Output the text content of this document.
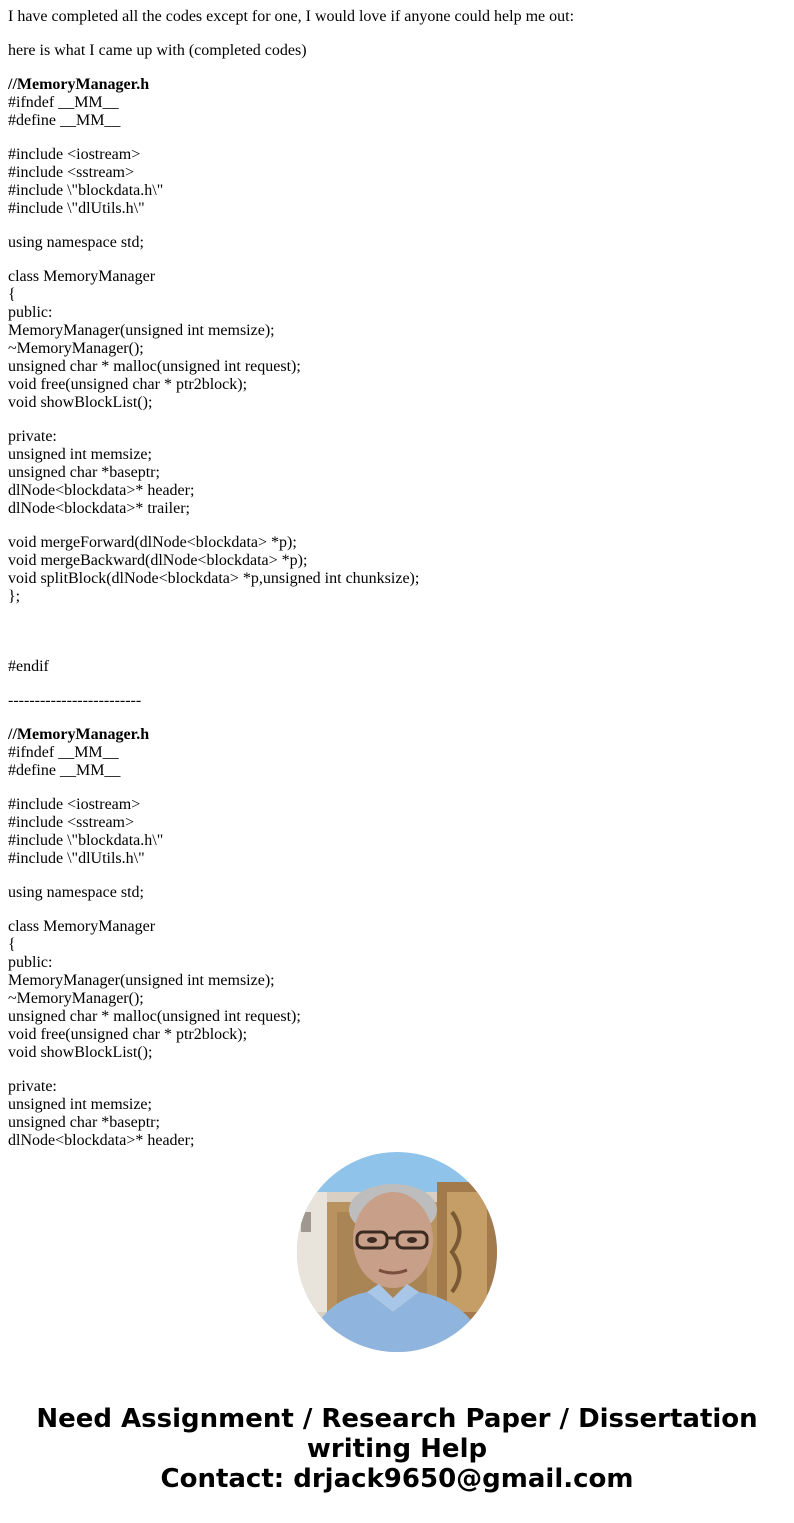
I have completed all the codes except for one, I would love if anyone could help me out:

here is what I came up with (completed codes)

//MemoryManager.h
#ifndef __MM__
#define __MM__
#include <iostream>
#include <sstream>
#include \"blockdata.h\"
#include \"dlUtils.h\"
using namespace std;
class MemoryManager
{
public:
MemoryManager(unsigned int memsize);
~MemoryManager();
unsigned char * malloc(unsigned int request);
void free(unsigned char * ptr2block);
void showBlockList();
private:
unsigned int memsize;
unsigned char *baseptr;
dlNode<blockdata>* header;
dlNode<blockdata>* trailer;
void mergeForward(dlNode<blockdata> *p);
void mergeBackward(dlNode<blockdata> *p);
void splitBlock(dlNode<blockdata> *p,unsigned int chunksize);
};
#endif

-------------------------

//MemoryManager.h
#ifndef __MM__
#define __MM__
#include <iostream>
#include <sstream>
#include \"blockdata.h\"
#include \"dlUtils.h\"
using namespace std;
class MemoryManager
{
public:
MemoryManager(unsigned int memsize);
~MemoryManager();
unsigned char * malloc(unsigned int request);
void free(unsigned char * ptr2block);
void showBlockList();
private:
unsigned int memsize;
unsigned char *baseptr;
dlNode<blockdata>* header;
Need Assignment / Research Paper / Dissertation
writing Help
Contact: drjack9650@gmail.com
